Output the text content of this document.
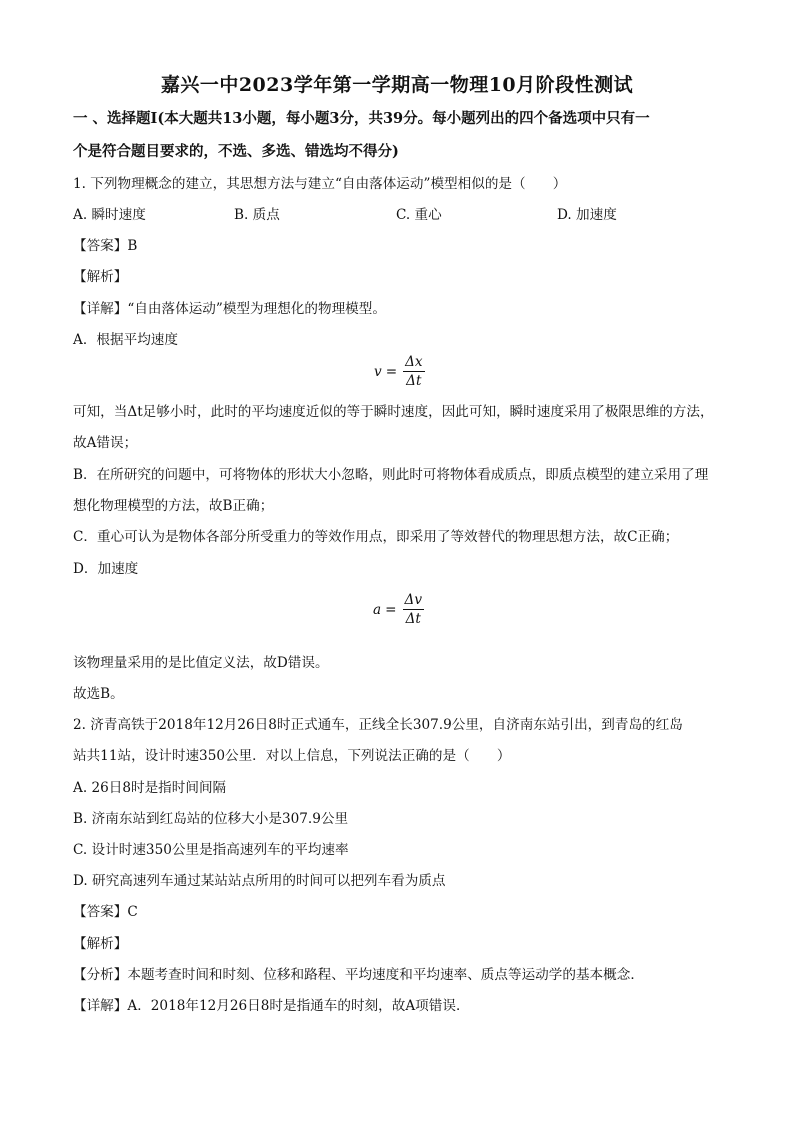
嘉兴一中2023学年第一学期高一物理10月阶段性测试
一 、选择题Ⅰ(本大题共13小题，每小题3分，共39分。每小题列出的四个备选项中只有一
个是符合题目要求的，不选、多选、错选均不得分)
1. 下列物理概念的建立，其思想方法与建立“自由落体运动”模型相似的是（　　）
A. 瞬时速度	B. 质点	C. 重心	D. 加速度
【答案】B
【解析】
【详解】“自由落体运动”模型为理想化的物理模型。
A．根据平均速度
$v = \frac{\Delta x}{\Delta t}$
可知，当Δt足够小时，此时的平均速度近似的等于瞬时速度，因此可知，瞬时速度采用了极限思维的方法，
故A错误；
B．在所研究的问题中，可将物体的形状大小忽略，则此时可将物体看成质点，即质点模型的建立采用了理
想化物理模型的方法，故B正确；
C．重心可认为是物体各部分所受重力的等效作用点，即采用了等效替代的物理思想方法，故C正确；
D．加速度
$a = \frac{\Delta v}{\Delta t}$
该物理量采用的是比值定义法，故D错误。
故选B。
2. 济青高铁于2018年12月26日8时正式通车，正线全长307.9公里，自济南东站引出，到青岛的红岛
站共11站，设计时速350公里．对以上信息，下列说法正确的是（　　）
A. 26日8时是指时间间隔
B. 济南东站到红岛站的位移大小是307.9公里
C. 设计时速350公里是指高速列车的平均速率
D. 研究高速列车通过某站站点所用的时间可以把列车看为质点
【答案】C
【解析】
【分析】本题考查时间和时刻、位移和路程、平均速度和平均速率、质点等运动学的基本概念．
【详解】A．2018年12月26日8时是指通车的时刻，故A项错误．
